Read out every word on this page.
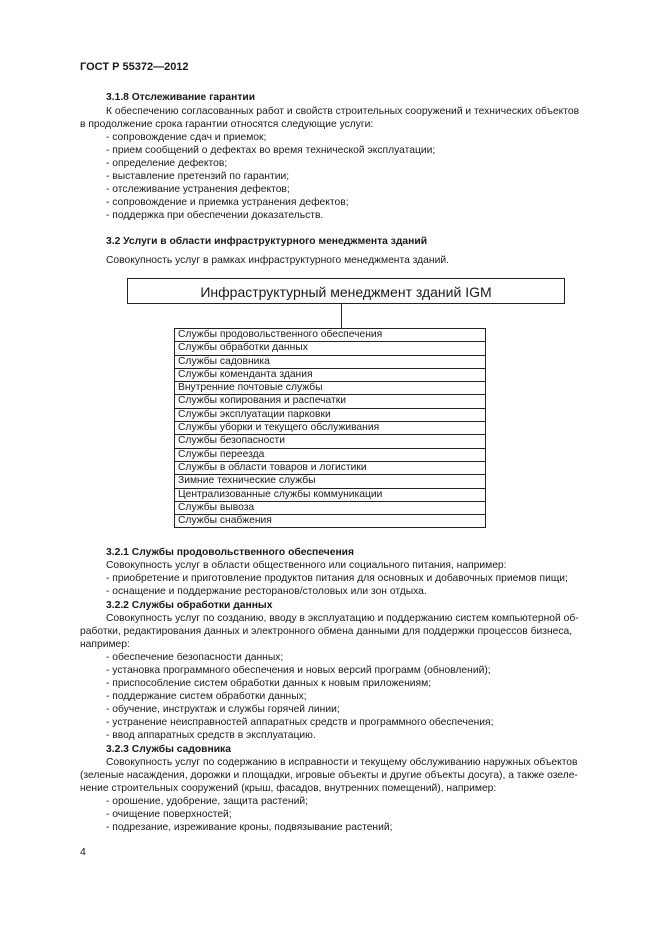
ГОСТ Р 55372—2012
3.1.8 Отслеживание гарантии
К обеспечению согласованных работ и свойств строительных сооружений и технических объектов
в продолжение срока гарантии относятся следующие услуги:
- сопровождение сдач и приемок;
- прием сообщений о дефектах во время технической эксплуатации;
- определение дефектов;
- выставление претензий по гарантии;
- отслеживание устранения дефектов;
- сопровождение и приемка устранения дефектов;
- поддержка при обеспечении доказательств.
3.2 Услуги в области инфраструктурного менеджмента зданий
Совокупность услуг в рамках инфраструктурного менеджмента зданий.
Инфраструктурный менеджмент зданий IGM
Службы продовольственного обеспечения
Службы обработки данных
Службы садовника
Службы коменданта здания
Внутренние почтовые службы
Службы копирования и распечатки
Службы эксплуатации парковки
Службы уборки и текущего обслуживания
Службы безопасности
Службы переезда
Службы в области товаров и логистики
Зимние технические службы
Централизованные службы коммуникации
Службы вывоза
Службы снабжения
3.2.1 Службы продовольственного обеспечения
Совокупность услуг в области общественного или социального питания, например:
- приобретение и приготовление продуктов питания для основных и добавочных приемов пищи;
- оснащение и поддержание ресторанов/столовых или зон отдыха.
3.2.2 Службы обработки данных
Совокупность услуг по созданию, вводу в эксплуатацию и поддержанию систем компьютерной об-
работки, редактирования данных и электронного обмена данными для поддержки процессов бизнеса,
например:
- обеспечение безопасности данных;
- установка программного обеспечения и новых версий программ (обновлений);
- приспособление систем обработки данных к новым приложениям;
- поддержание систем обработки данных;
- обучение, инструктаж и службы горячей линии;
- устранение неисправностей аппаратных средств и программного обеспечения;
- ввод аппаратных средств в эксплуатацию.
3.2.3 Службы садовника
Совокупность услуг по содержанию в исправности и текущему обслуживанию наружных объектов
(зеленые насаждения, дорожки и площадки, игровые объекты и другие объекты досуга), а также озеле-
нение строительных сооружений (крыш, фасадов, внутренних помещений), например:
- орошение, удобрение, защита растений;
- очищение поверхностей;
- подрезание, изреживание кроны, подвязывание растений;
4
